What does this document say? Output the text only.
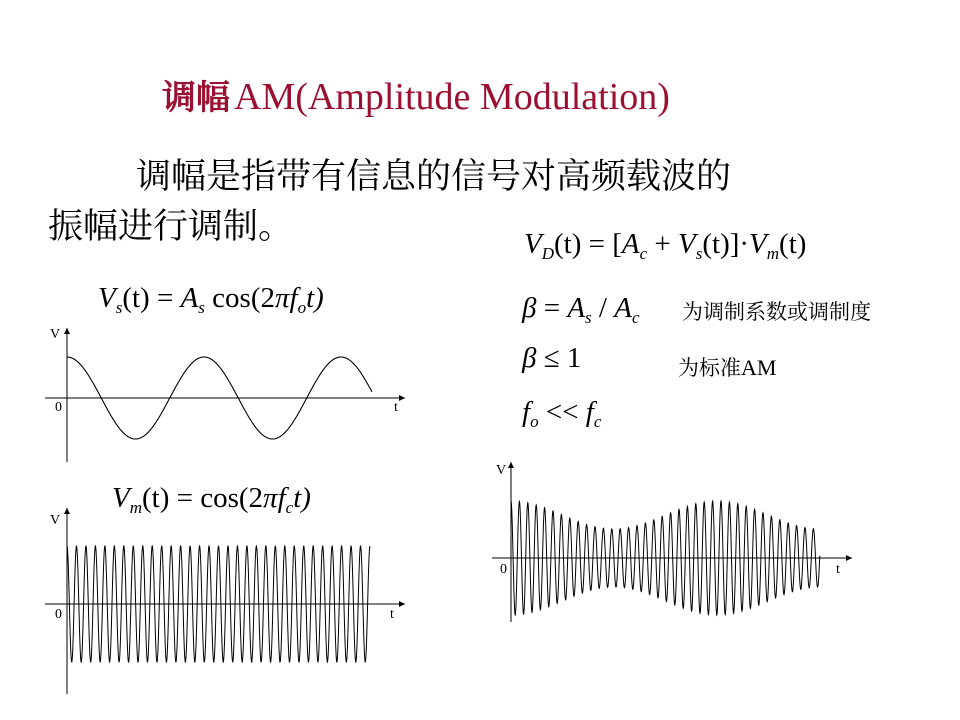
调幅 AM(Amplitude Modulation)
调幅是指带有信息的信号对高频载波的
振幅进行调制。	$V_D(t) = [A_c + V_s(t)]\cdot V_m(t)$
$V_s(t) = A_s$ $\cos(2\pi f_ot)$	$\beta = A_s / A_c$ 为调制系数或调制度
β ≤ 1	为标准AM
$f_o << f_c$
$V_m(t) = \cos(2\pi f_ct)$
V
0	t
V
0	t
V
0	t
